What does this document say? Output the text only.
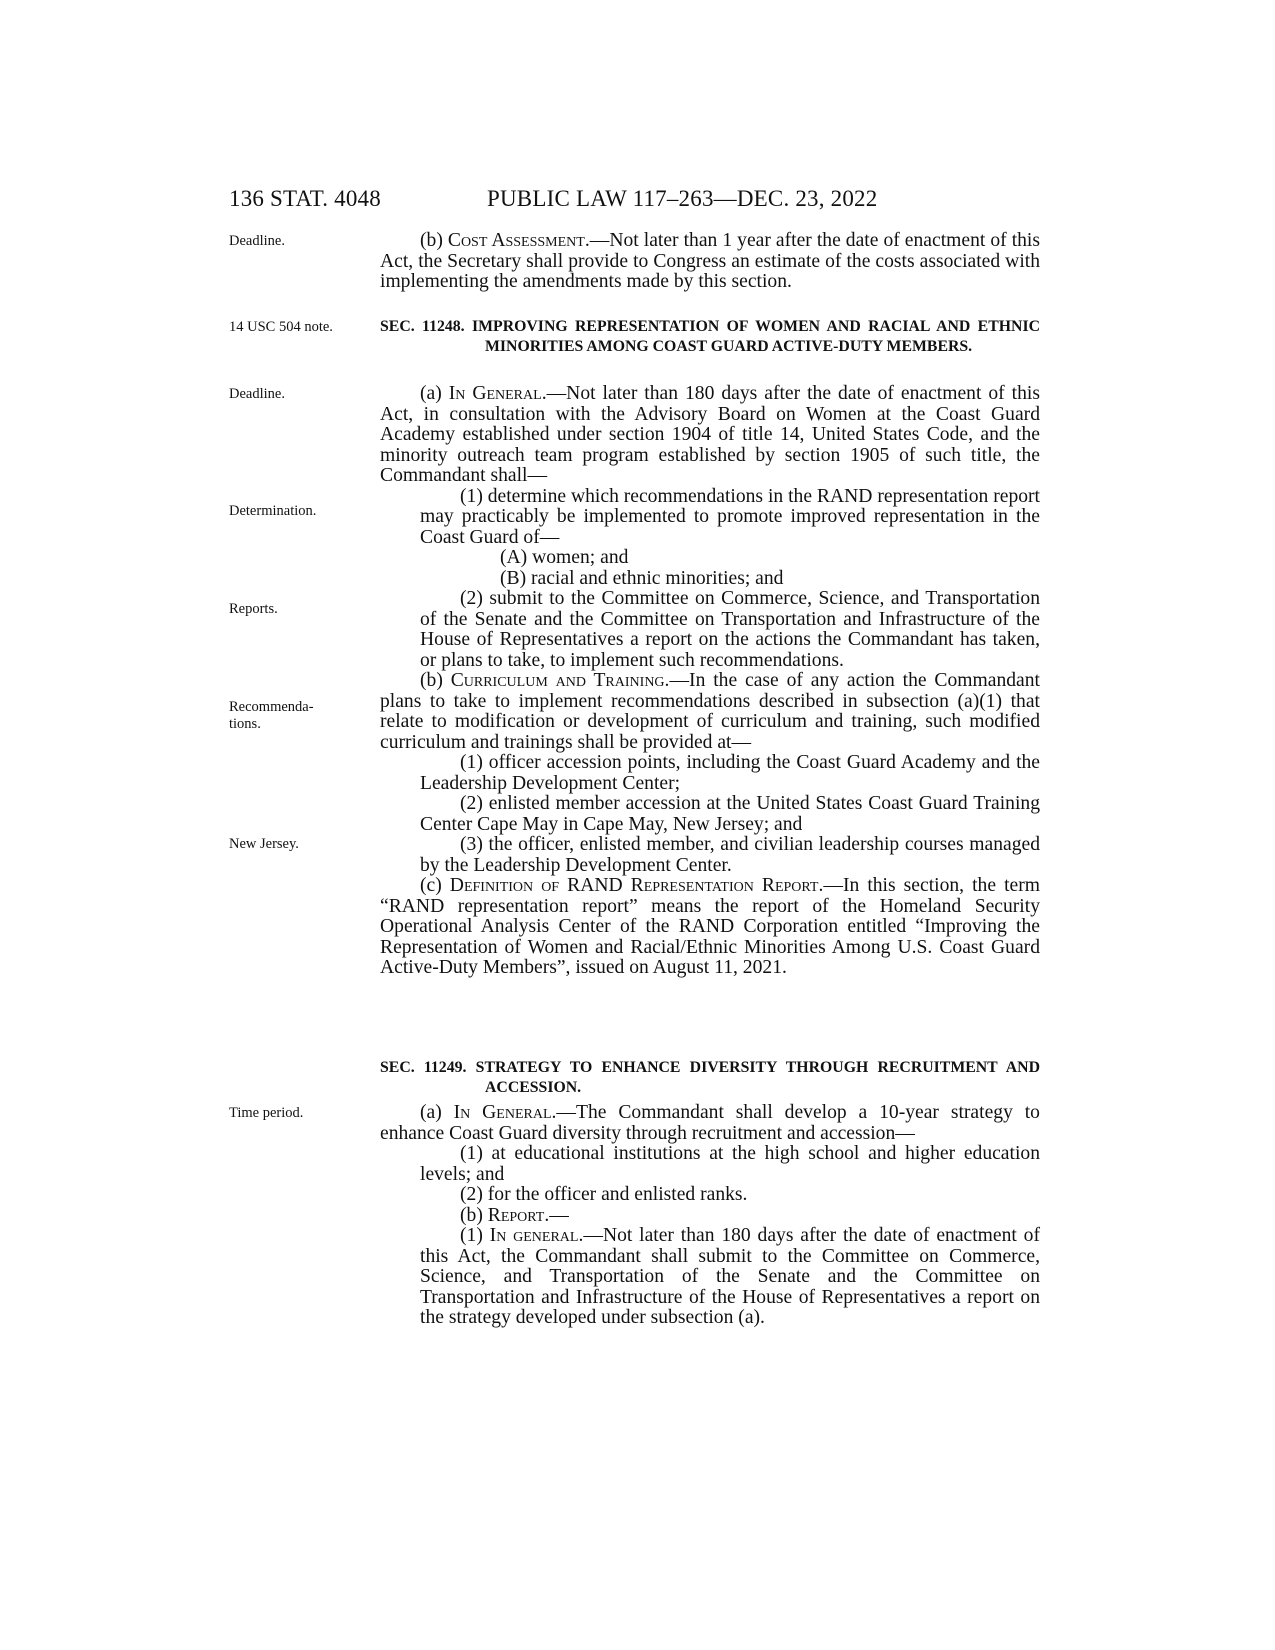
136 STAT. 4048	PUBLIC LAW 117–263—DEC. 23, 2022
Deadline.
14 USC 504 note.
Deadline.
Determination.
Reports.
Recommenda-
tions.
New Jersey.
Time period.

(b) Cost Assessment.—Not later than 1 year after the date of enactment of this Act, the Secretary shall provide to Congress an estimate of the costs associated with implementing the amendments made by this section.

SEC. 11248. IMPROVING REPRESENTATION OF WOMEN AND RACIAL AND ETHNIC MINORITIES AMONG COAST GUARD ACTIVE-DUTY MEMBERS.

(a) In General.—Not later than 180 days after the date of enactment of this Act, in consultation with the Advisory Board on Women at the Coast Guard Academy established under section 1904 of title 14, United States Code, and the minority outreach team program established by section 1905 of such title, the Commandant shall—

(1) determine which recommendations in the RAND representation report may practicably be implemented to promote improved representation in the Coast Guard of—

(A) women; and

(B) racial and ethnic minorities; and

(2) submit to the Committee on Commerce, Science, and Transportation of the Senate and the Committee on Transportation and Infrastructure of the House of Representatives a report on the actions the Commandant has taken, or plans to take, to implement such recommendations.

(b) Curriculum and Training.—In the case of any action the Commandant plans to take to implement recommendations described in subsection (a)(1) that relate to modification or development of curriculum and training, such modified curriculum and trainings shall be provided at—

(1) officer accession points, including the Coast Guard Academy and the Leadership Development Center;

(2) enlisted member accession at the United States Coast Guard Training Center Cape May in Cape May, New Jersey; and

(3) the officer, enlisted member, and civilian leadership courses managed by the Leadership Development Center.

(c) Definition of RAND Representation Report.—In this section, the term “RAND representation report” means the report of the Homeland Security Operational Analysis Center of the RAND Corporation entitled “Improving the Representation of Women and Racial/Ethnic Minorities Among U.S. Coast Guard Active-Duty Members”, issued on August 11, 2021.

SEC. 11249. STRATEGY TO ENHANCE DIVERSITY THROUGH RECRUITMENT AND ACCESSION.

(a) In General.—The Commandant shall develop a 10-year strategy to enhance Coast Guard diversity through recruitment and accession—

(1) at educational institutions at the high school and higher education levels; and

(2) for the officer and enlisted ranks.

(b) Report.—

(1) In general.—Not later than 180 days after the date of enactment of this Act, the Commandant shall submit to the Committee on Commerce, Science, and Transportation of the Senate and the Committee on Transportation and Infrastructure of the House of Representatives a report on the strategy developed under subsection (a).
